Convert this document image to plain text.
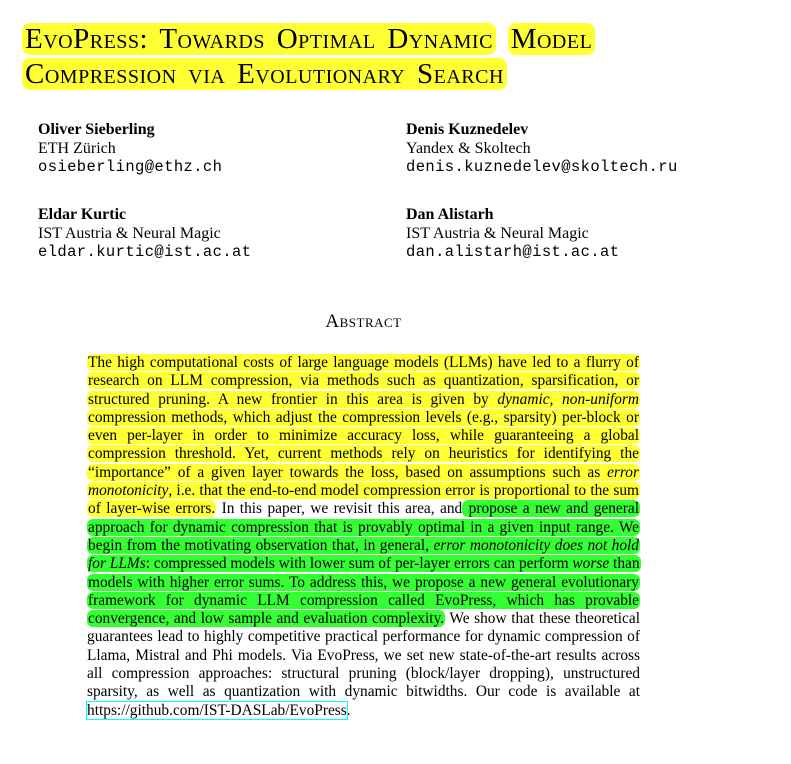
EvoPress: Towards Optimal Dynamic Model
Compression via Evolutionary Search
Oliver Sieberling
ETH Zürich
osieberling@ethz.ch
Denis Kuznedelev
Yandex & Skoltech
denis.kuznedelev@skoltech.ru
Eldar Kurtic
IST Austria & Neural Magic
eldar.kurtic@ist.ac.at
Dan Alistarh
IST Austria & Neural Magic
dan.alistarh@ist.ac.at
Abstract

The high computational costs of large language models (LLMs) have led to a flurry of research on LLM compression, via methods such as quantization, sparsification, or structured pruning. A new frontier in this area is given by dynamic, non-uniform compression methods, which adjust the compression levels (e.g., sparsity) per-block or even per-layer in order to minimize accuracy loss, while guaranteeing a global compression threshold. Yet, current methods rely on heuristics for identifying the “importance” of a given layer towards the loss, based on assumptions such as error monotonicity, i.e. that the end-to-end model compression error is proportional to the sum of layer-wise errors. In this paper, we revisit this area, and propose a new and general approach for dynamic compression that is provably optimal in a given input range. We begin from the motivating observation that, in general, error monotonicity does not hold for LLMs: compressed models with lower sum of per-layer errors can perform worse than models with higher error sums. To address this, we propose a new general evolutionary framework for dynamic LLM compression called EvoPress, which has provable convergence, and low sample and evaluation complexity. We show that these theoretical guarantees lead to highly competitive practical performance for dynamic compression of Llama, Mistral and Phi models. Via EvoPress, we set new state-of-the-art results across all compression approaches: structural pruning (block/layer dropping), unstructured sparsity, as well as quantization with dynamic bitwidths. Our code is available at https://github.com/IST-DASLab/EvoPress.
